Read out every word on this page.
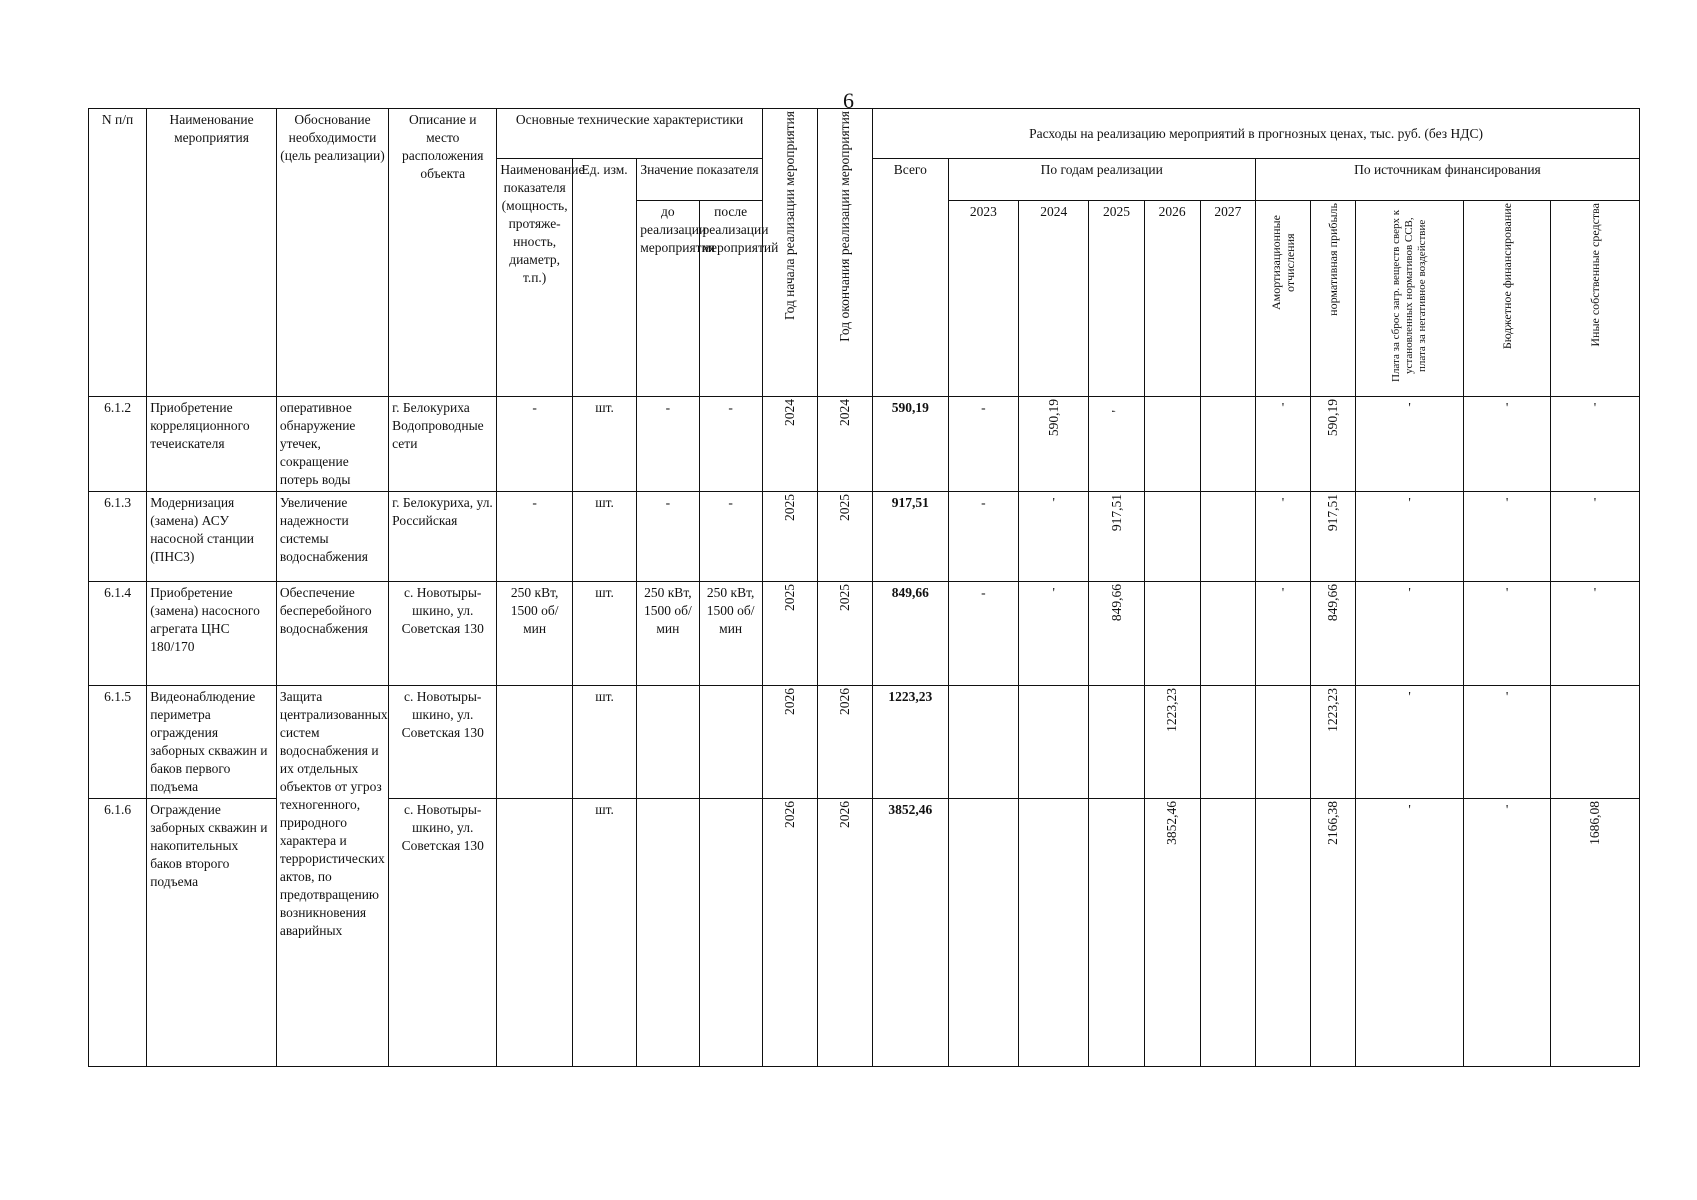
6
N п/п	Наименование мероприятия	Обоснование необходимости (цель реализации)	Описание и место расположения объекта	Основные технические характеристики				Год начала реализации мероприятия	Год окончания реализации мероприятия	Расходы на реализацию мероприятий в прогнозных ценах, тыс. руб. (без НДС)										
				Наименование показателя (мощность, протяже-нность, диаметр, т.п.)	Ед. изм.	Значение показателя				Всего	По годам реализации					По источникам финансирования				
						до реализации мероприятия	после реализации мероприятий				2023	2024	2025	2026	2027	Амортизационные отчисления	нормативная прибыль	Плата за сброс загр. веществ сверх к установленных нормативов ССВ, плата за негативное воздействие	Бюджетное финансирование	Иные собственные средства

6.1.2	Приобретение корреляционного течеискателя	оперативное обнаружение утечек, сокращение потерь воды	г. Белокуриха Водопроводные сети	-	шт.	-	-	2024	2024	590,19	-	590,19	'			'	590,19	'	'	'
6.1.3	Модернизация (замена) АСУ насосной станции (ПНС3)	Увеличение надежности системы водоснабжения	г. Белокуриха, ул. Российская	-	шт.	-	-	2025	2025	917,51	-	'	917,51			'	917,51	'	'	'
6.1.4	Приобретение (замена) насосного агрегата ЦНС 180/170	Обеспечение бесперебойного водоснабжения	с. Новотыры-шкино, ул. Советская 130	250 кВт, 1500 об/мин	шт.	250 кВт, 1500 об/мин	250 кВт, 1500 об/мин	2025	2025	849,66	-	'	849,66			'	849,66	'	'	'
6.1.5	Видеонаблюдение периметра ограждения заборных скважин и баков первого подъема	Защита централизованных систем водоснабжения и их отдельных объектов от угроз техногенного, природного характера и террористических актов, по предотвращению возникновения аварийных	с. Новотыры-шкино, ул. Советская 130		шт.			2026	2026	1223,23				1223,23			1223,23	'	'	
6.1.6	Ограждение заборных скважин и накопительных баков второго подъема		с. Новотыры-шкино, ул. Советская 130		шт.			2026	2026	3852,46				3852,46			2166,38	'	'	1686,08
